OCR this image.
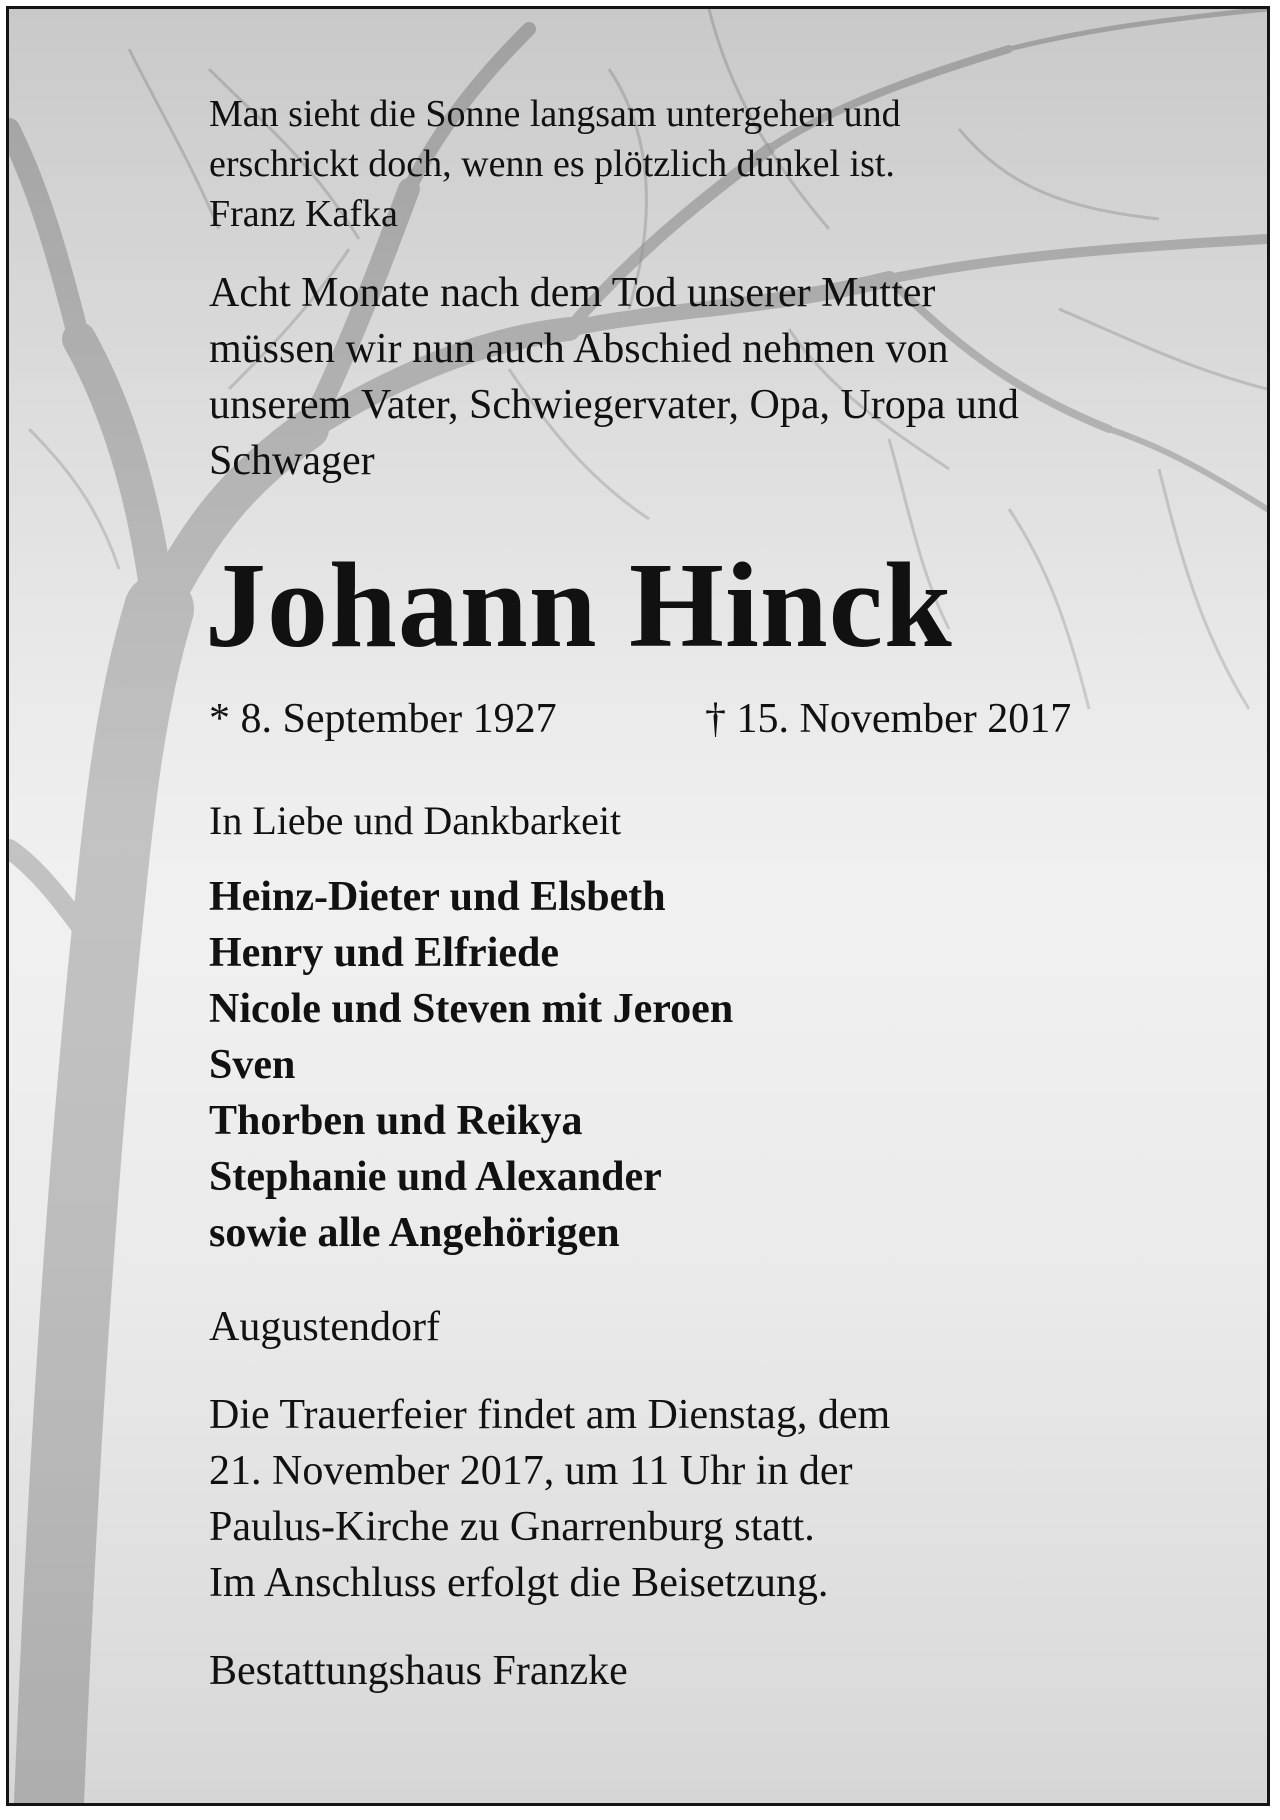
Man sieht die Sonne langsam untergehen und
erschrickt doch, wenn es plötzlich dunkel ist.
Franz Kafka

Acht Monate nach dem Tod unserer Mutter
müssen wir nun auch Abschied nehmen von
unserem Vater, Schwiegervater, Opa, Uropa und
Schwager

Johann Hinck
* 8. September 1927	† 15. November 2017

In Liebe und Dankbarkeit

Heinz-Dieter und Elsbeth
Henry und Elfriede
Nicole und Steven mit Jeroen
Sven
Thorben und Reikya
Stephanie und Alexander
sowie alle Angehörigen

Augustendorf

Die Trauerfeier findet am Dienstag, dem
21. November 2017, um 11 Uhr in der
Paulus-Kirche zu Gnarrenburg statt.
Im Anschluss erfolgt die Beisetzung.

Bestattungshaus Franzke
